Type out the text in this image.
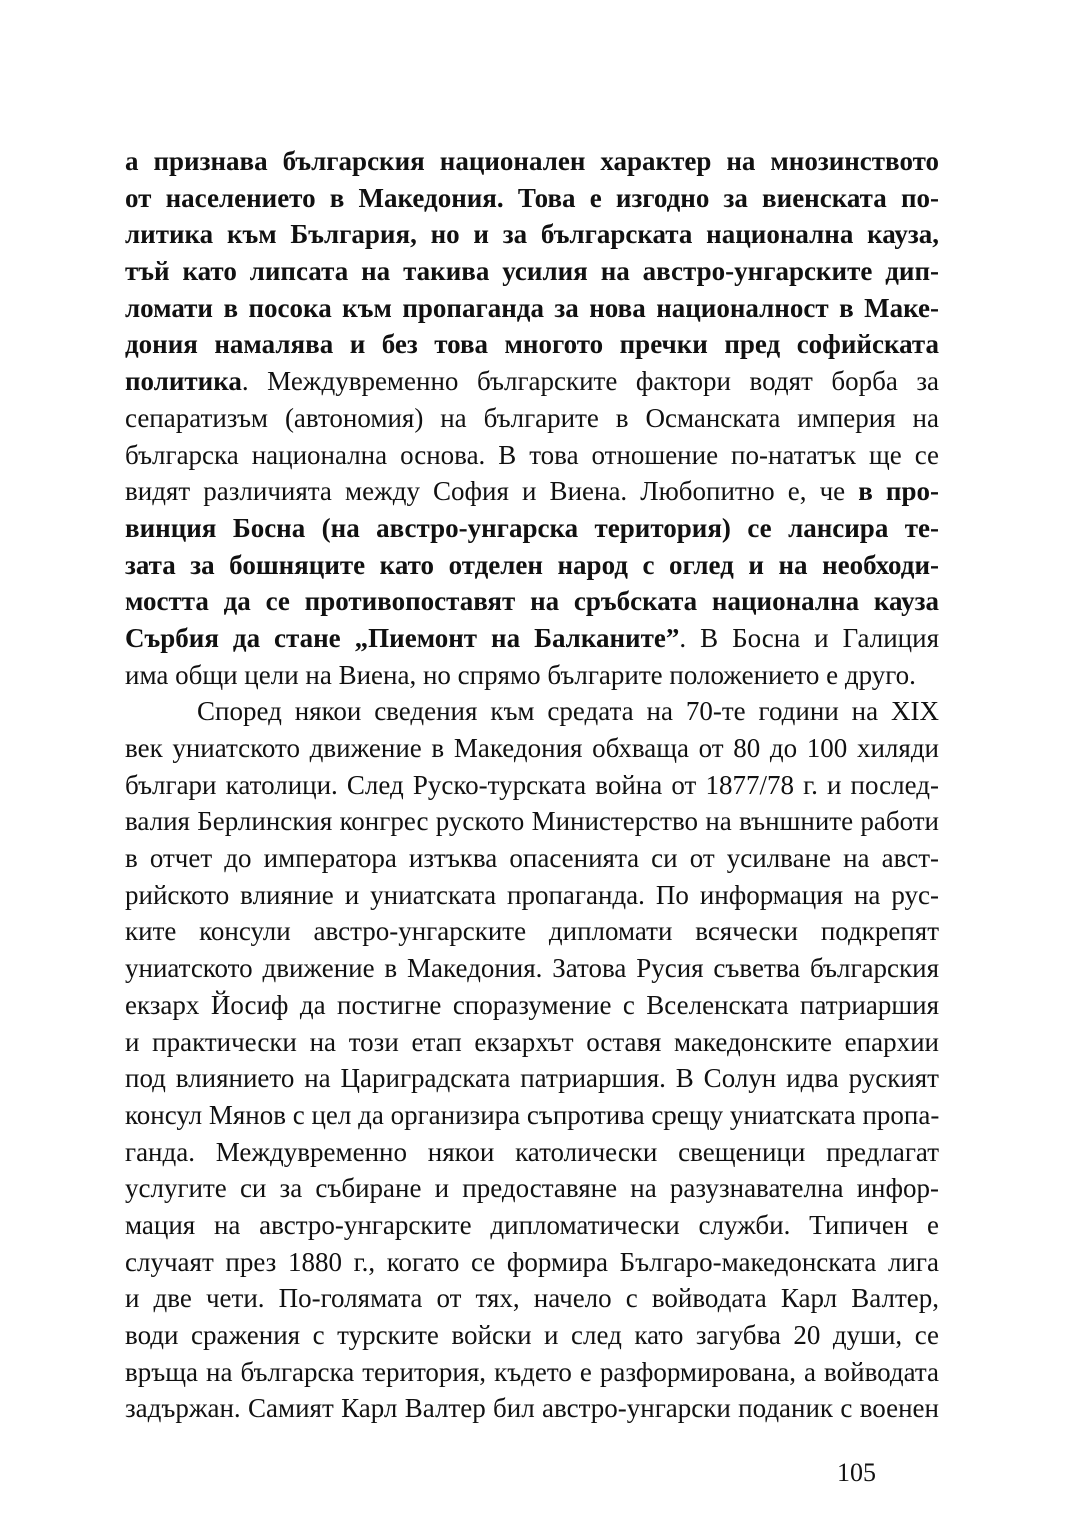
а признава българския национален характер на мнозинството
от населението в Македония. Това е изгодно за виенската по-
литика към България, но и за българската национална кауза,
тъй като липсата на такива усилия на австро-унгарските дип-
ломати в посока към пропаганда за нова националност в Маке-
дония намалява и без това многото пречки пред софийската
политика. Междувременно българските фактори водят борба за
сепаратизъм (автономия) на българите в Османската империя на
българска национална основа. В това отношение по-нататък ще се
видят различията между София и Виена. Любопитно е, че в про-
винция Босна (на австро-унгарска територия) се лансира те-
зата за бошняците като отделен народ с оглед и на необходи-
мостта да се противопоставят на сръбската национална кауза
Сърбия да стане „Пиемонт на Балканите”. В Босна и Галиция
има общи цели на Виена, но спрямо българите положението е друго.
Според някои сведения към средата на 70-те години на XIX
век униатското движение в Македония обхваща от 80 до 100 хиляди
българи католици. След Руско-турската война от 1877/78 г. и послед-
валия Берлинския конгрес руското Министерство на външните работи
в отчет до императора изтъква опасенията си от усилване на авст-
рийското влияние и униатската пропаганда. По информация на рус-
ките консули австро-унгарските дипломати всячески подкрепят
униатското движение в Македония. Затова Русия съветва българския
екзарх Йосиф да постигне споразумение с Вселенската патриаршия
и практически на този етап екзархът оставя македонските епархии
под влиянието на Цариградската патриаршия. В Солун идва руският
консул Мянов с цел да организира съпротива срещу униатската пропа-
ганда. Междувременно някои католически свещеници предлагат
услугите си за събиране и предоставяне на разузнавателна инфор-
мация на австро-унгарските дипломатически служби. Типичен е
случаят през 1880 г., когато се формира Българо-македонската лига
и две чети. По-голямата от тях, начело с войводата Карл Валтер,
води сражения с турските войски и след като загубва 20 души, се
връща на българска територия, където е разформирована, а войводата
задържан. Самият Карл Валтер бил австро-унгарски поданик с военен
105
